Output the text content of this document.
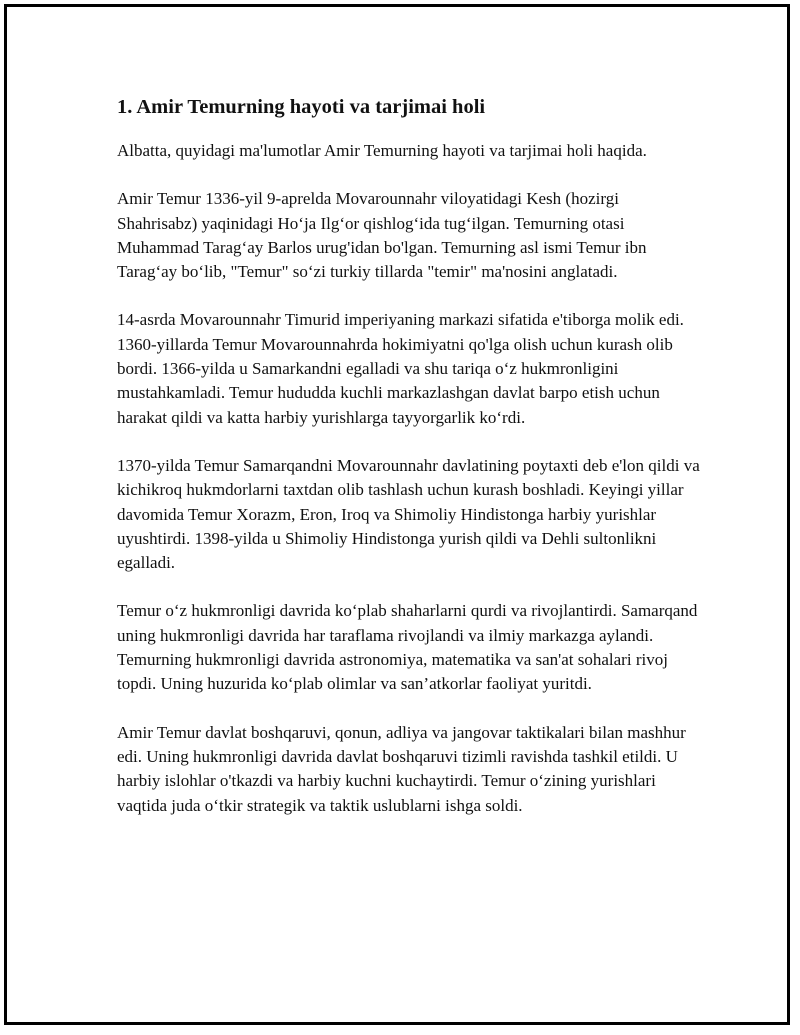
1. Amir Temurning hayoti va tarjimai holi

Albatta, quyidagi ma'lumotlar Amir Temurning hayoti va tarjimai holi haqida.

Amir Temur 1336-yil 9-aprelda Movarounnahr viloyatidagi Kesh (hozirgi Shahrisabz) yaqinidagi Ho‘ja Ilg‘or qishlog‘ida tug‘ilgan. Temurning otasi Muhammad Tarag‘ay Barlos urug'idan bo'lgan. Temurning asl ismi Temur ibn Tarag‘ay bo‘lib, "Temur" so‘zi turkiy tillarda "temir" ma'nosini anglatadi.

14-asrda Movarounnahr Timurid imperiyaning markazi sifatida e'tiborga molik edi. 1360-yillarda Temur Movarounnahrda hokimiyatni qo'lga olish uchun kurash olib bordi. 1366-yilda u Samarkandni egalladi va shu tariqa o‘z hukmronligini mustahkamladi. Temur hududda kuchli markazlashgan davlat barpo etish uchun harakat qildi va katta harbiy yurishlarga tayyorgarlik ko‘rdi.

1370-yilda Temur Samarqandni Movarounnahr davlatining poytaxti deb e'lon qildi va kichikroq hukmdorlarni taxtdan olib tashlash uchun kurash boshladi. Keyingi yillar davomida Temur Xorazm, Eron, Iroq va Shimoliy Hindistonga harbiy yurishlar uyushtirdi. 1398-yilda u Shimoliy Hindistonga yurish qildi va Dehli sultonlikni egalladi.

Temur o‘z hukmronligi davrida ko‘plab shaharlarni qurdi va rivojlantirdi. Samarqand uning hukmronligi davrida har taraflama rivojlandi va ilmiy markazga aylandi. Temurning hukmronligi davrida astronomiya, matematika va san'at sohalari rivoj topdi. Uning huzurida ko‘plab olimlar va san’atkorlar faoliyat yuritdi.

Amir Temur davlat boshqaruvi, qonun, adliya va jangovar taktikalari bilan mashhur edi. Uning hukmronligi davrida davlat boshqaruvi tizimli ravishda tashkil etildi. U harbiy islohlar o'tkazdi va harbiy kuchni kuchaytirdi. Temur o‘zining yurishlari vaqtida juda o‘tkir strategik va taktik uslublarni ishga soldi.
